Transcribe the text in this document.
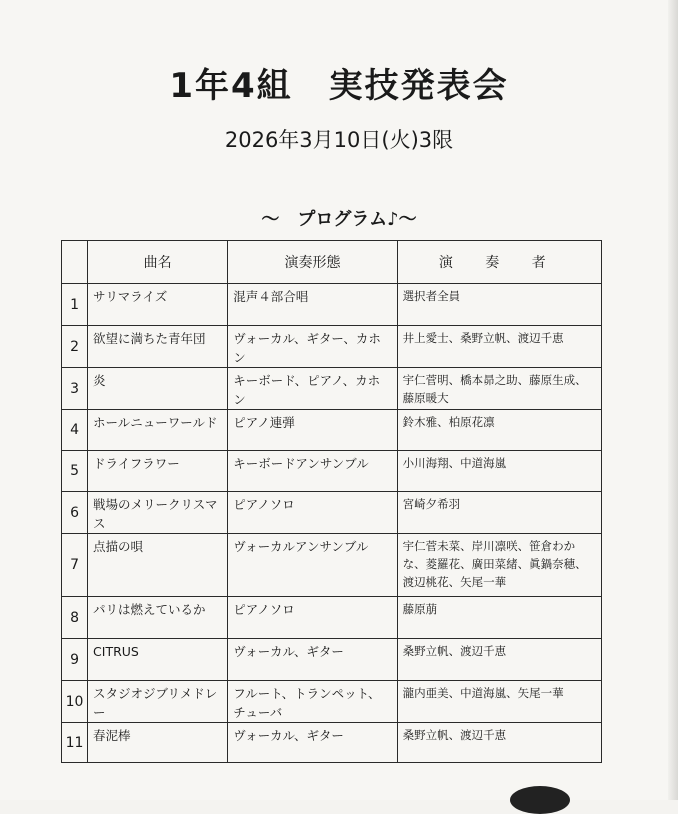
1年4組　実技発表会
2026年3月10日(火)3限
〜　プログラム♪〜
	曲名	演奏形態	演 奏 者
1	サリマライズ	混声４部合唱	選択者全員
2	欲望に満ちた青年団	ヴォーカル、ギター、カホン	井上愛士、桑野立帆、渡辺千恵
3	炎	キーボード、ピアノ、カホン	宇仁菅明、橋本昴之助、藤原生成、藤原暖大
4	ホールニューワールド	ピアノ連弾	鈴木雅、柏原花凛
5	ドライフラワー	キーボードアンサンブル	小川海翔、中道海嵐
6	戦場のメリークリスマス	ピアノソロ	宮崎夕希羽
7	点描の唄	ヴォーカルアンサンブル	宇仁菅未菜、岸川凛咲、笹倉わかな、菱羅花、廣田菜緒、眞鍋奈穂、渡辺桃花、矢尾一華
8	パリは燃えているか	ピアノソロ	藤原萠
9	CITRUS	ヴォーカル、ギター	桑野立帆、渡辺千恵
10	スタジオジブリメドレー	フルート、トランペット、チューバ	瀧内亜美、中道海嵐、矢尾一華
11	春泥棒	ヴォーカル、ギター	桑野立帆、渡辺千恵
